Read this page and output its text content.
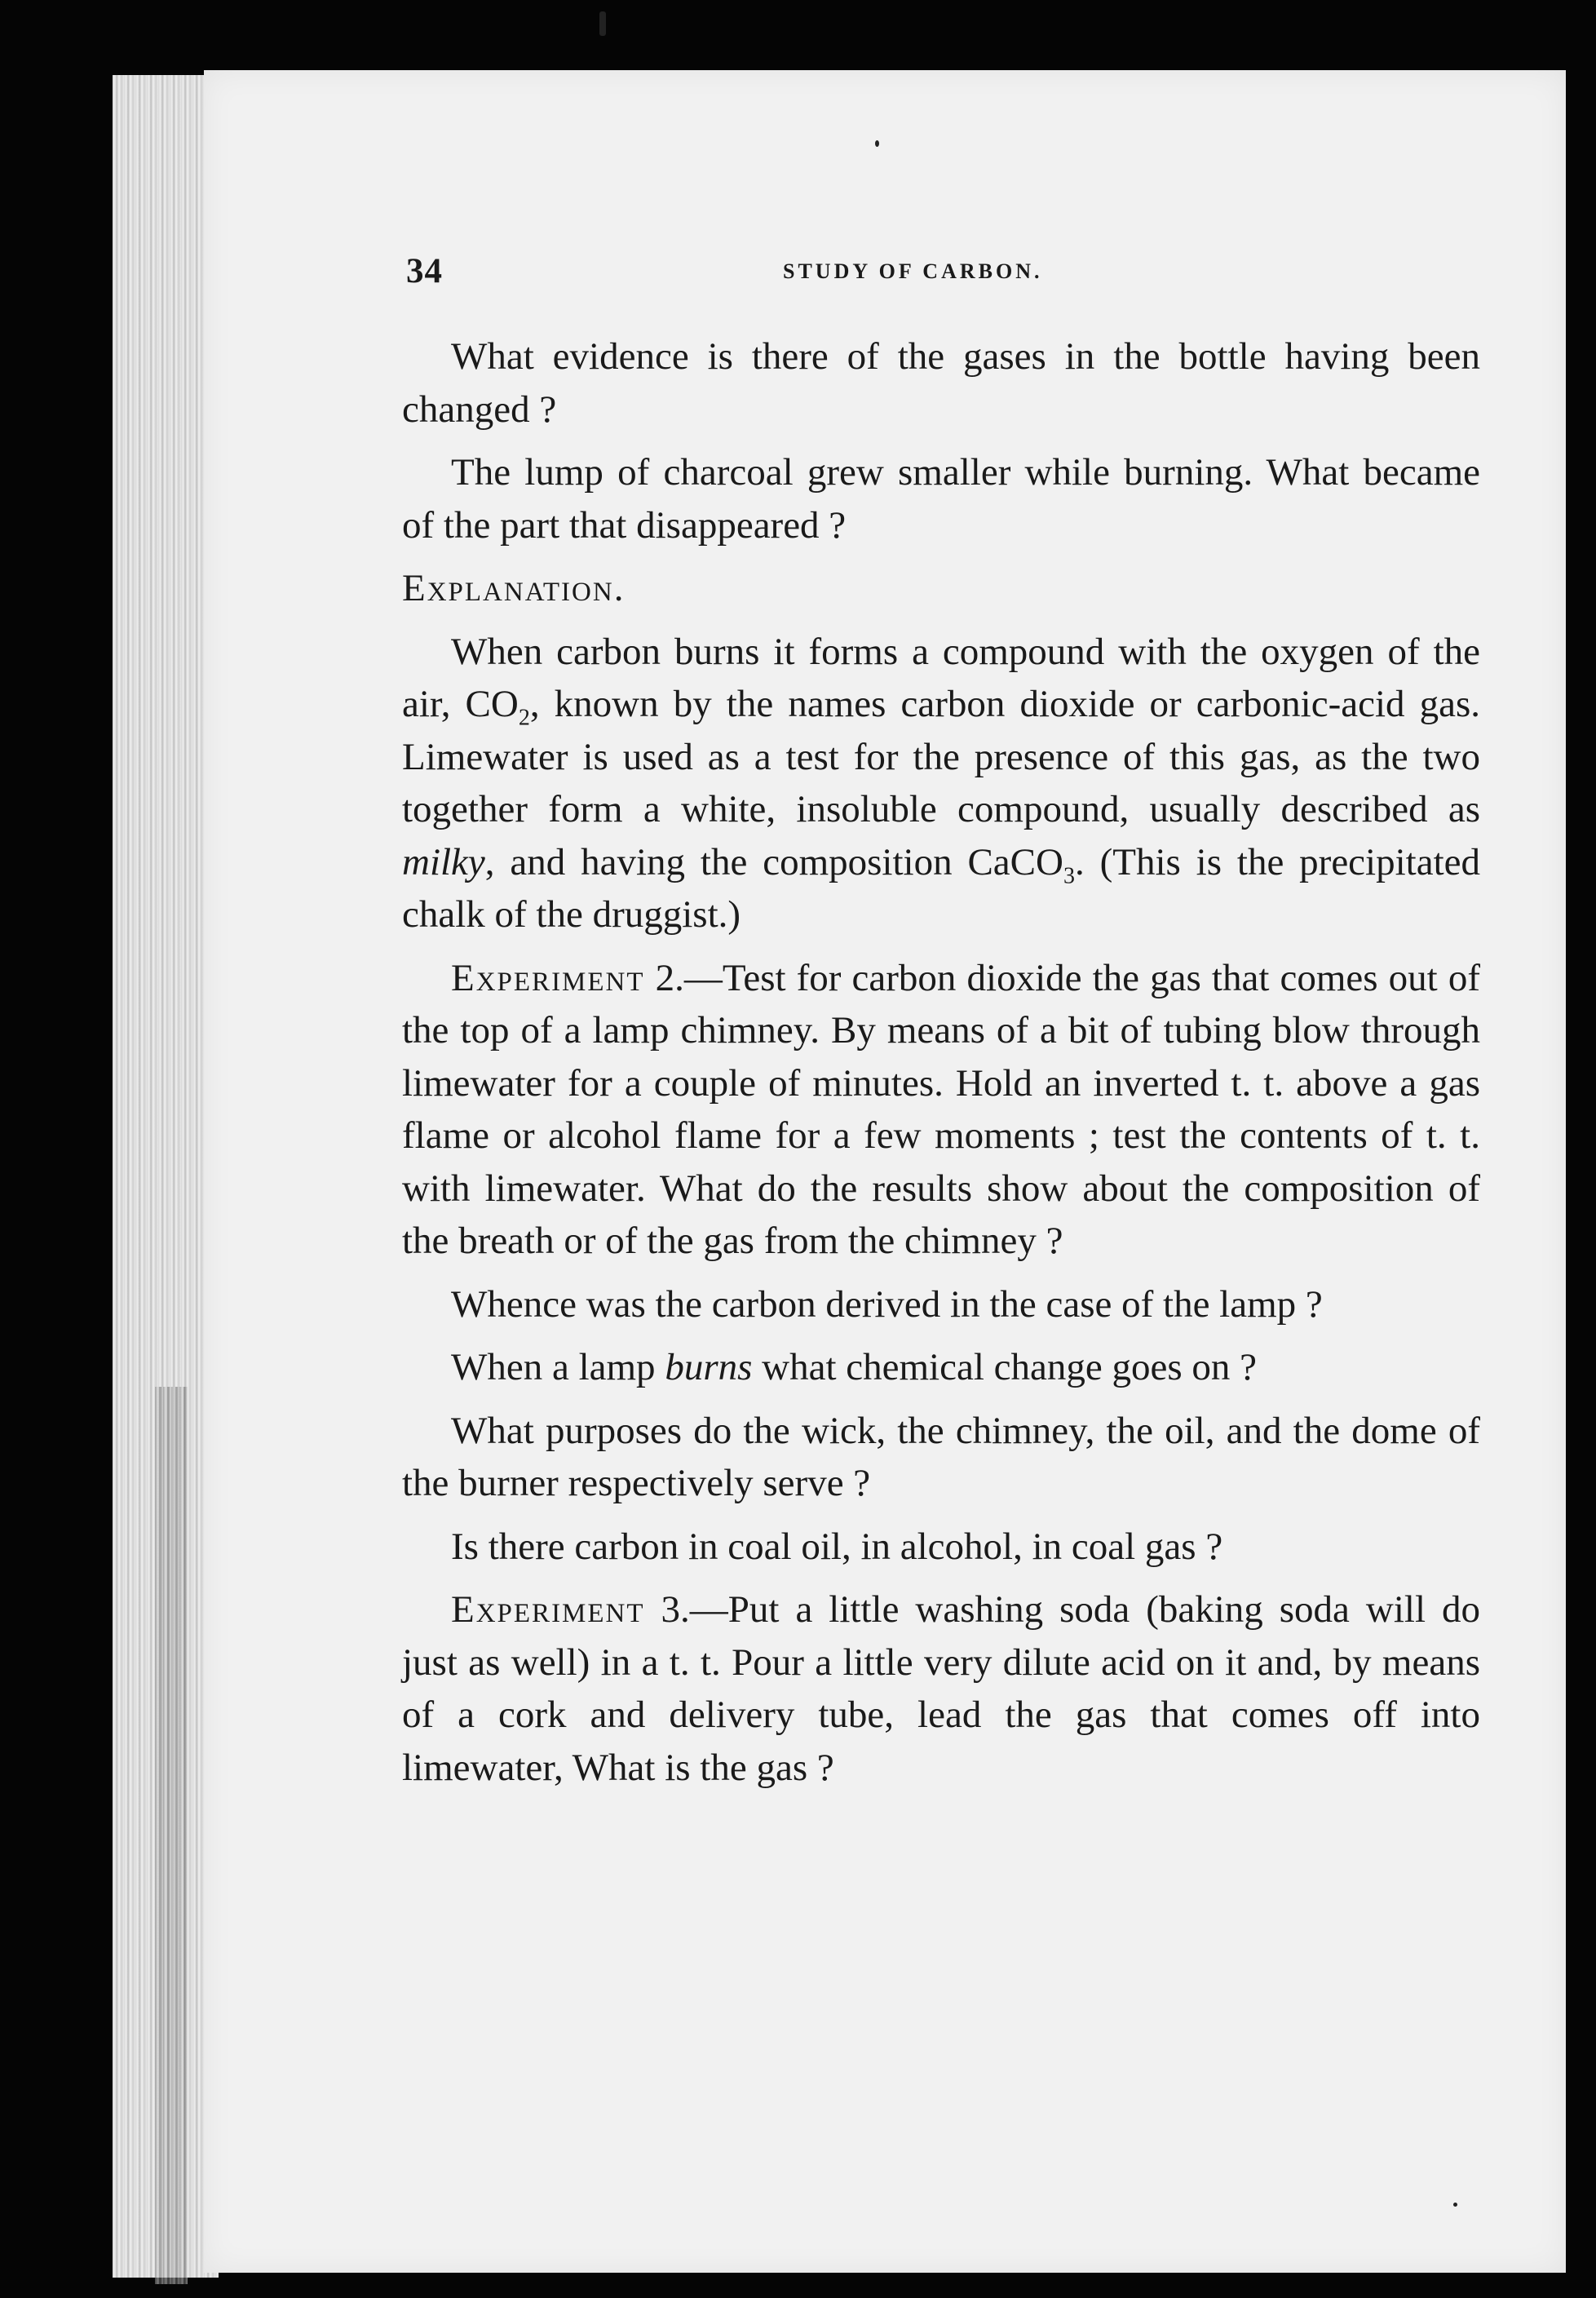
34	STUDY OF CARBON.

What evidence is there of the gases in the bottle having been changed ?

The lump of charcoal grew smaller while burning. What became of the part that disappeared ?

Explanation.

When carbon burns it forms a compound with the oxygen of the air, $CO_2$, known by the names carbon dioxide or carbonic-acid gas. Limewater is used as a test for the presence of this gas, as the two together form a white, insoluble compound, usually described as milky, and having the composition CaCO$_3$. (This is the precipitated chalk of the druggist.)

Experiment 2.—Test for carbon dioxide the gas that comes out of the top of a lamp chimney. By means of a bit of tubing blow through limewater for a couple of minutes. Hold an inverted t. t. above a gas flame or alcohol flame for a few moments ; test the contents of t. t. with limewater. What do the results show about the composition of the breath or of the gas from the chimney ?

Whence was the carbon derived in the case of the lamp ?

When a lamp burns what chemical change goes on ?

What purposes do the wick, the chimney, the oil, and the dome of the burner respectively serve ?

Is there carbon in coal oil, in alcohol, in coal gas ?

Experiment 3.—Put a little washing soda (baking soda will do just as well) in a t. t. Pour a little very dilute acid on it and, by means of a cork and delivery tube, lead the gas that comes off into limewater, What is the gas ?
